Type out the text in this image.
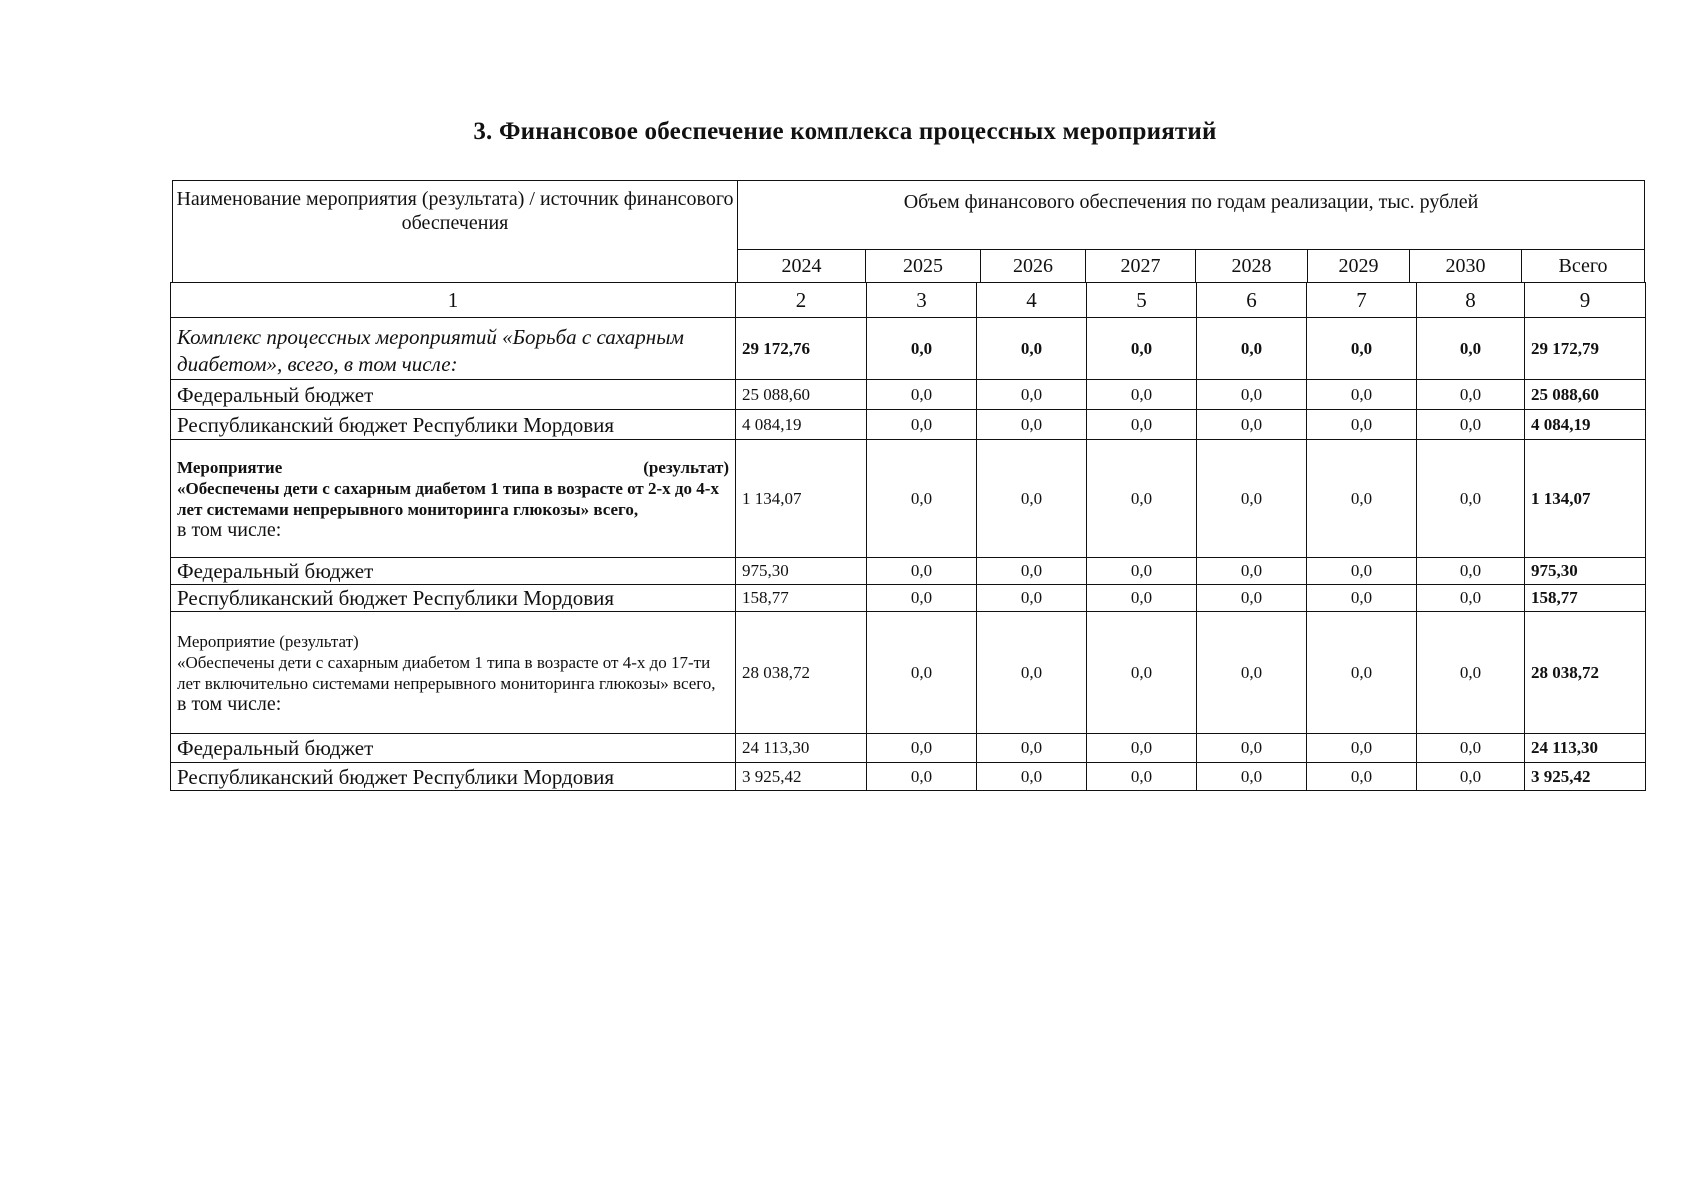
3. Финансовое обеспечение комплекса процессных мероприятий
Наименование мероприятия (результата) / источник финансового обеспечения	Объем финансового обеспечения по годам реализации, тыс. рублей							
	2024	2025	2026	2027	2028	2029	2030	Всего
1	2	3	4	5	6	7	8	9
Комплекс процессных мероприятий «Борьба с сахарным диабетом», всего, в том числе:	29 172,76	0,0	0,0	0,0	0,0	0,0	0,0	29 172,79
Федеральный бюджет	25 088,60	0,0	0,0	0,0	0,0	0,0	0,0	25 088,60
Республиканский бюджет Республики Мордовия	4 084,19	0,0	0,0	0,0	0,0	0,0	0,0	4 084,19

Мероприятие (результат)
«Обеспечены дети с сахарным диабетом 1 типа в возрасте от 2-х до 4-х лет системами непрерывного мониторинга глюкозы» всего,
в том числе:	1 134,07	0,0	0,0	0,0	0,0	0,0	0,0	1 134,07
Федеральный бюджет	975,30	0,0	0,0	0,0	0,0	0,0	0,0	975,30
Республиканский бюджет Республики Мордовия	158,77	0,0	0,0	0,0	0,0	0,0	0,0	158,77

Мероприятие (результат)
«Обеспечены дети с сахарным диабетом 1 типа в возрасте от 4-х до 17-ти лет включительно системами непрерывного мониторинга глюкозы» всего,
в том числе:	28 038,72	0,0	0,0	0,0	0,0	0,0	0,0	28 038,72
Федеральный бюджет	24 113,30	0,0	0,0	0,0	0,0	0,0	0,0	24 113,30
Республиканский бюджет Республики Мордовия	3 925,42	0,0	0,0	0,0	0,0	0,0	0,0	3 925,42
